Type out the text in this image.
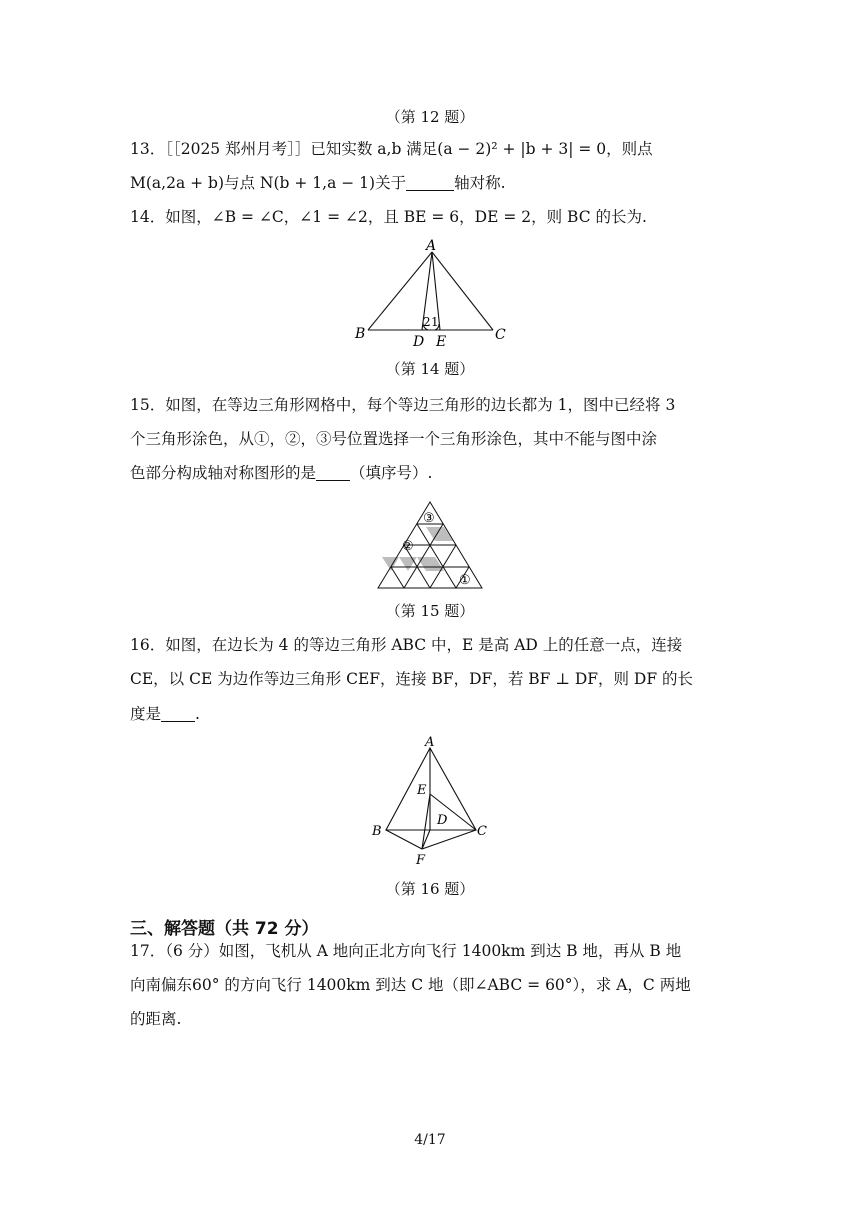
（第 12 题）
13．［［2025 郑州月考］］已知实数 a,b 满足(a − 2)² + |b + 3| = 0，则点
M(a,2a + b)与点 N(b + 1,a − 1)关于	轴对称.
14．如图，∠B = ∠C，∠1 = ∠2，且 BE = 6，DE = 2，则 BC 的长为.
A
B	C
D E
2 1
（第 14 题）
15．如图，在等边三角形网格中，每个等边三角形的边长都为 1，图中已经将 3
个三角形涂色，从①，②，③号位置选择一个三角形涂色，其中不能与图中涂
色部分构成轴对称图形的是 （填序号）.
③
②
①
（第 15 题）
16．如图，在边长为 4 的等边三角形 ABC 中，E 是高 AD 上的任意一点，连接
CE，以 CE 为边作等边三角形 CEF，连接 BF，DF，若 BF ⊥ DF，则 DF 的长
度是 .
A
B	C
D
E
F
（第 16 题）
三、解答题（共 72 分）
17．（6 分）如图，飞机从 A 地向正北方向飞行 1400km 到达 B 地，再从 B 地
向南偏东60° 的方向飞行 1400km 到达 C 地（即∠ABC = 60°），求 A，C 两地
的距离.
4/17
